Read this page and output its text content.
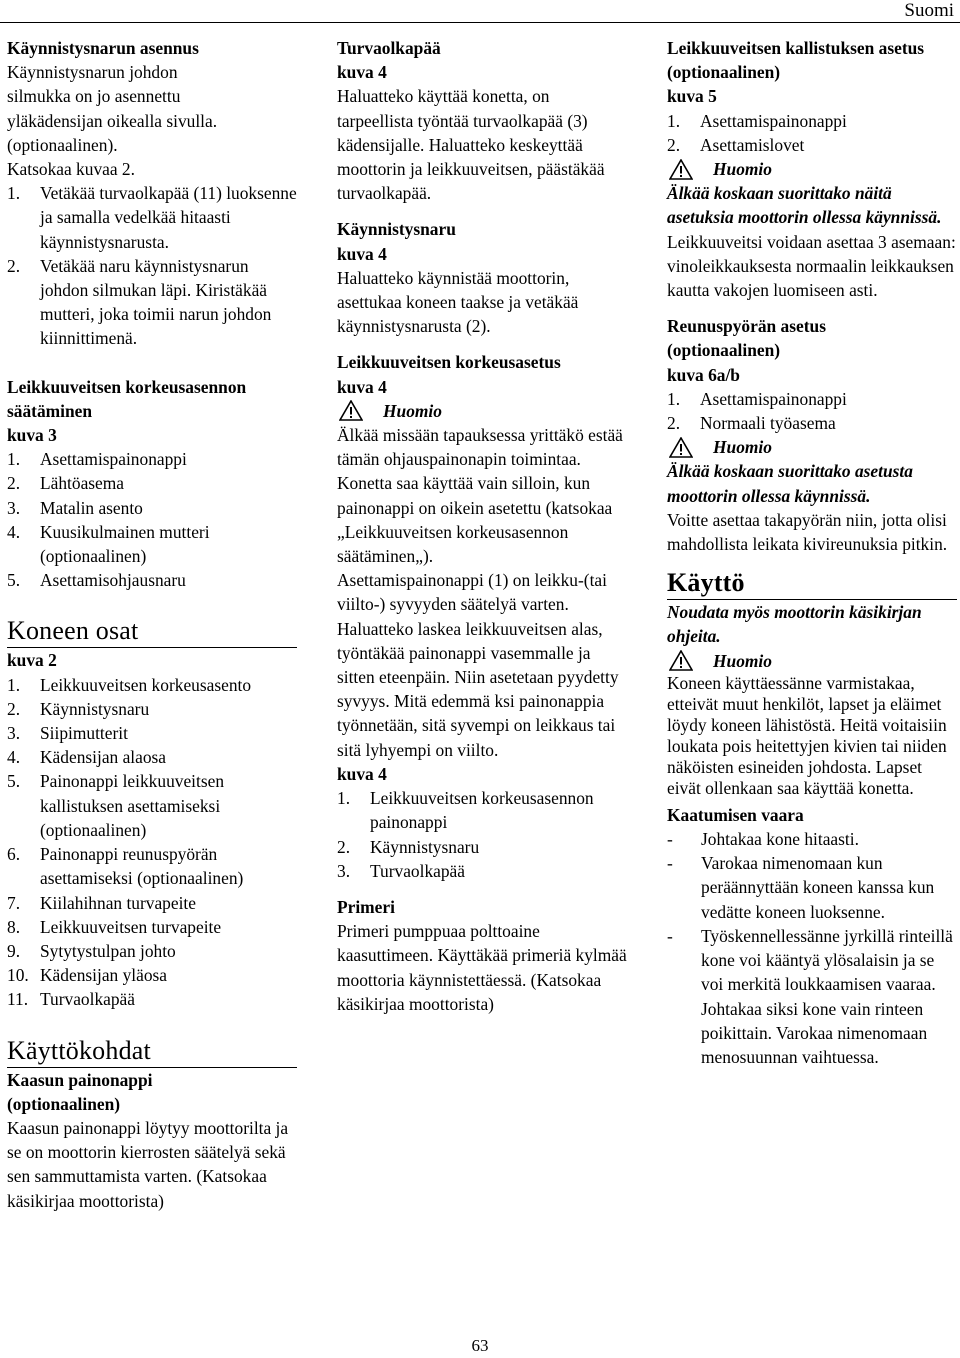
Suomi
Käynnistysnarun asennus
Käynnistysnarun johdon
silmukka on jo asennettu
yläkädensijan oikealla sivulla.
(optionaalinen).
Katsokaa kuvaa 2.
1.	Vetäkää turvaolkapää (11) luoksenne ja samalla vedelkää hitaasti käynnistysnarusta.
2.	Vetäkää naru käynnistysnarun johdon silmukan läpi. Kiristäkää mutteri, joka toimii narun johdon kiinnittimenä.
Leikkuuveitsen korkeusasennon säätäminen
kuva 3
1.	Asettamispainonappi
2.	Lähtöasema
3.	Matalin asento
4.	Kuusikulmainen mutteri (optionaalinen)
5.	Asettamisohjausnaru
Koneen osat
kuva 2
1.	Leikkuuveitsen korkeusasento
2.	Käynnistysnaru
3.	Siipimutterit
4.	Kädensijan alaosa
5.	Painonappi leikkuuveitsen kallistuksen asettamiseksi (optionaalinen)
6.	Painonappi reunuspyörän asettamiseksi (optionaalinen)
7.	Kiilahihnan turvapeite
8.	Leikkuuveitsen turvapeite
9.	Sytytystulpan johto
10. Kädensijan yläosa
11. Turvaolkapää
Käyttökohdat
Kaasun painonappi (optionaalinen)
Kaasun painonappi löytyy moottorilta ja se on moottorin kierrosten säätelyä sekä sen sammuttamista varten. (Katsokaa käsikirjaa moottorista)
Turvaolkapää
kuva 4
Haluatteko käyttää konetta, on tarpeellista työntää turvaolkapää (3) kädensijalle. Haluatteko keskeyttää moottorin ja leikkuuveitsen, päästäkää turvaolkapää.
Käynnistysnaru
kuva 4
Haluatteko käynnistää moottorin, asettukaa koneen taakse ja vetäkää käynnistysnarusta (2).
Leikkuuveitsen korkeusasetus
kuva 4
Huomio
Älkää missään tapauksessa yrittäkö estää tämän ohjauspainonapin toimintaa. Konetta saa käyttää vain silloin, kun painonappi on oikein asetettu (katsokaa „Leikkuuveitsen korkeusasennon säätäminen„).
Asettamispainonappi (1) on leikku-(tai viilto-) syvyyden säätelyä varten. Haluatteko laskea leikkuuveitsen alas, työntäkää painonappi vasemmalle ja sitten eteenpäin. Niin asetetaan pyydetty syvyys. Mitä edemmä ksi painonappia työnnetään, sitä syvempi on leikkaus tai sitä lyhyempi on viilto.
kuva 4
1.	Leikkuuveitsen korkeusasennon painonappi
2.	Käynnistysnaru
3.	Turvaolkapää
Primeri
Primeri pumppuaa polttoaine kaasuttimeen. Käyttäkää primeriä kylmää moottoria käynnistettäessä. (Katsokaa käsikirjaa moottorista)
Leikkuuveitsen kallistuksen asetus (optionaalinen)
kuva 5
1.	Asettamispainonappi
2.	Asettamislovet
Huomio
Älkää koskaan suorittako näitä asetuksia moottorin ollessa käynnissä.
Leikkuuveitsi voidaan asettaa 3 asemaan: vinoleikkauksesta normaalin leikkauksen kautta vakojen luomiseen asti.
Reunuspyörän asetus (optionaalinen)
kuva 6a/b
1.	Asettamispainonappi
2.	Normaali työasema
Huomio
Älkää koskaan suorittako asetusta moottorin ollessa käynnissä.
Voitte asettaa takapyörän niin, jotta olisi mahdollista leikata kivireunuksia pitkin.
Käyttö
Noudata myös moottorin käsikirjan ohjeita.
Huomio
Koneen käyttäessänne varmistakaa, etteivät muut henkilöt, lapset ja eläimet löydy koneen lähistöstä. Heitä voitaisiin loukata pois heitettyjen kivien tai niiden näköisten esineiden johdosta. Lapset eivät ollenkaan saa käyttää konetta.
Kaatumisen vaara
-	Johtakaa kone hitaasti.
-	Varokaa nimenomaan kun peräännyttään koneen kanssa kun vedätte koneen luoksenne.
-	Työskennellessänne jyrkillä rinteillä kone voi kääntyä ylösalaisin ja se voi merkitä loukkaamisen vaaraa. Johtakaa siksi kone vain rinteen poikittain. Varokaa nimenomaan menosuunnan vaihtuessa.
63
